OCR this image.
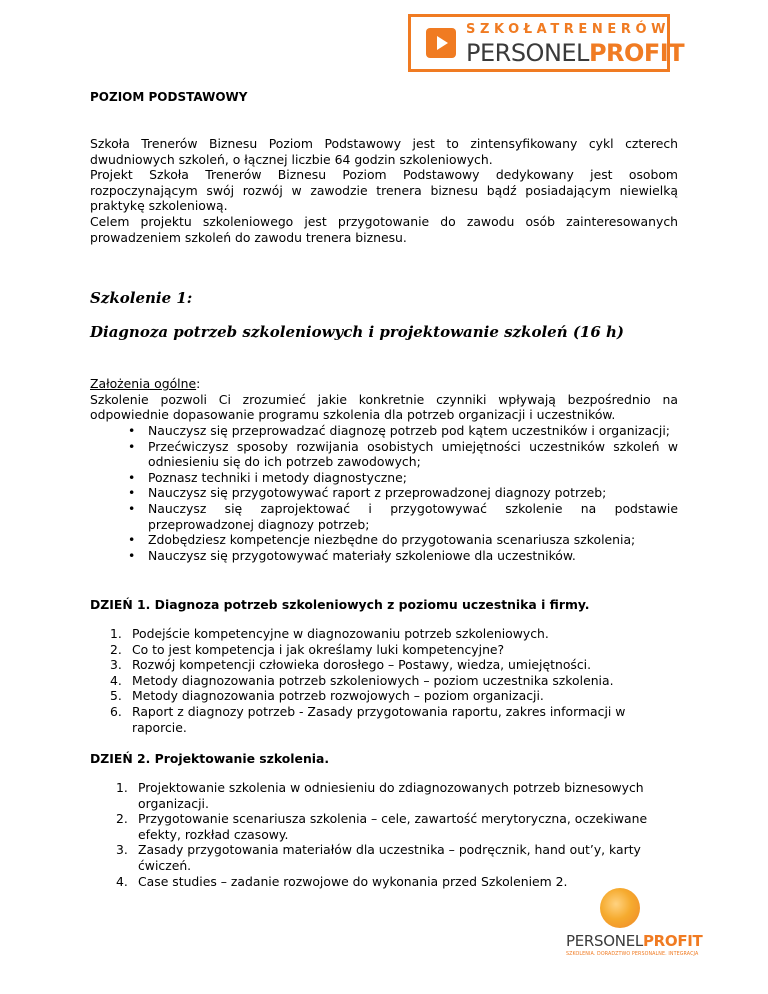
SZKOŁATRENERÓW
PERSONELPROFIT
POZIOM PODSTAWOWY

Szkoła Trenerów Biznesu Poziom Podstawowy jest to zintensyfikowany cykl czterech dwudniowych szkoleń, o łącznej liczbie 64 godzin szkoleniowych.

Projekt Szkoła Trenerów Biznesu Poziom Podstawowy dedykowany jest osobom rozpoczynającym swój rozwój w zawodzie trenera biznesu bądź posiadającym niewielką praktykę szkoleniową.

Celem projektu szkoleniowego jest przygotowanie do zawodu osób zainteresowanych prowadzeniem szkoleń do zawodu trenera biznesu.

Szkolenie 1:
Diagnoza potrzeb szkoleniowych i projektowanie szkoleń (16 h)
Założenia ogólne:

Szkolenie pozwoli Ci zrozumieć jakie konkretnie czynniki wpływają bezpośrednio na odpowiednie dopasowanie programu szkolenia dla potrzeb organizacji i uczestników.

• Nauczysz się przeprowadzać diagnozę potrzeb pod kątem uczestników i organizacji;
• Przećwiczysz sposoby rozwijania osobistych umiejętności uczestników szkoleń w odniesieniu się do ich potrzeb zawodowych;
• Poznasz techniki i metody diagnostyczne;
• Nauczysz się przygotowywać raport z przeprowadzonej diagnozy potrzeb;
• Nauczysz się zaprojektować i przygotowywać szkolenie na podstawie przeprowadzonej diagnozy potrzeb;
• Zdobędziesz kompetencje niezbędne do przygotowania scenariusza szkolenia;
• Nauczysz się przygotowywać materiały szkoleniowe dla uczestników.
DZIEŃ 1. Diagnoza potrzeb szkoleniowych z poziomu uczestnika i firmy.
1. Podejście kompetencyjne w diagnozowaniu potrzeb szkoleniowych.
2. Co to jest kompetencja i jak określamy luki kompetencyjne?
3. Rozwój kompetencji człowieka dorosłego – Postawy, wiedza, umiejętności.
4. Metody diagnozowania potrzeb szkoleniowych – poziom uczestnika szkolenia.
5. Metody diagnozowania potrzeb rozwojowych – poziom organizacji.
6. Raport z diagnozy potrzeb - Zasady przygotowania raportu, zakres informacji w raporcie.
DZIEŃ 2. Projektowanie szkolenia.
1. Projektowanie szkolenia w odniesieniu do zdiagnozowanych potrzeb biznesowych organizacji.
2. Przygotowanie scenariusza szkolenia – cele, zawartość merytoryczna, oczekiwane efekty, rozkład czasowy.
3. Zasady przygotowania materiałów dla uczestnika – podręcznik, hand out’y, karty ćwiczeń.
4. Case studies – zadanie rozwojowe do wykonania przed Szkoleniem 2.
PERSONELPROFIT
SZKOLENIA. DORADZTWO PERSONALNE. INTEGRACJA
